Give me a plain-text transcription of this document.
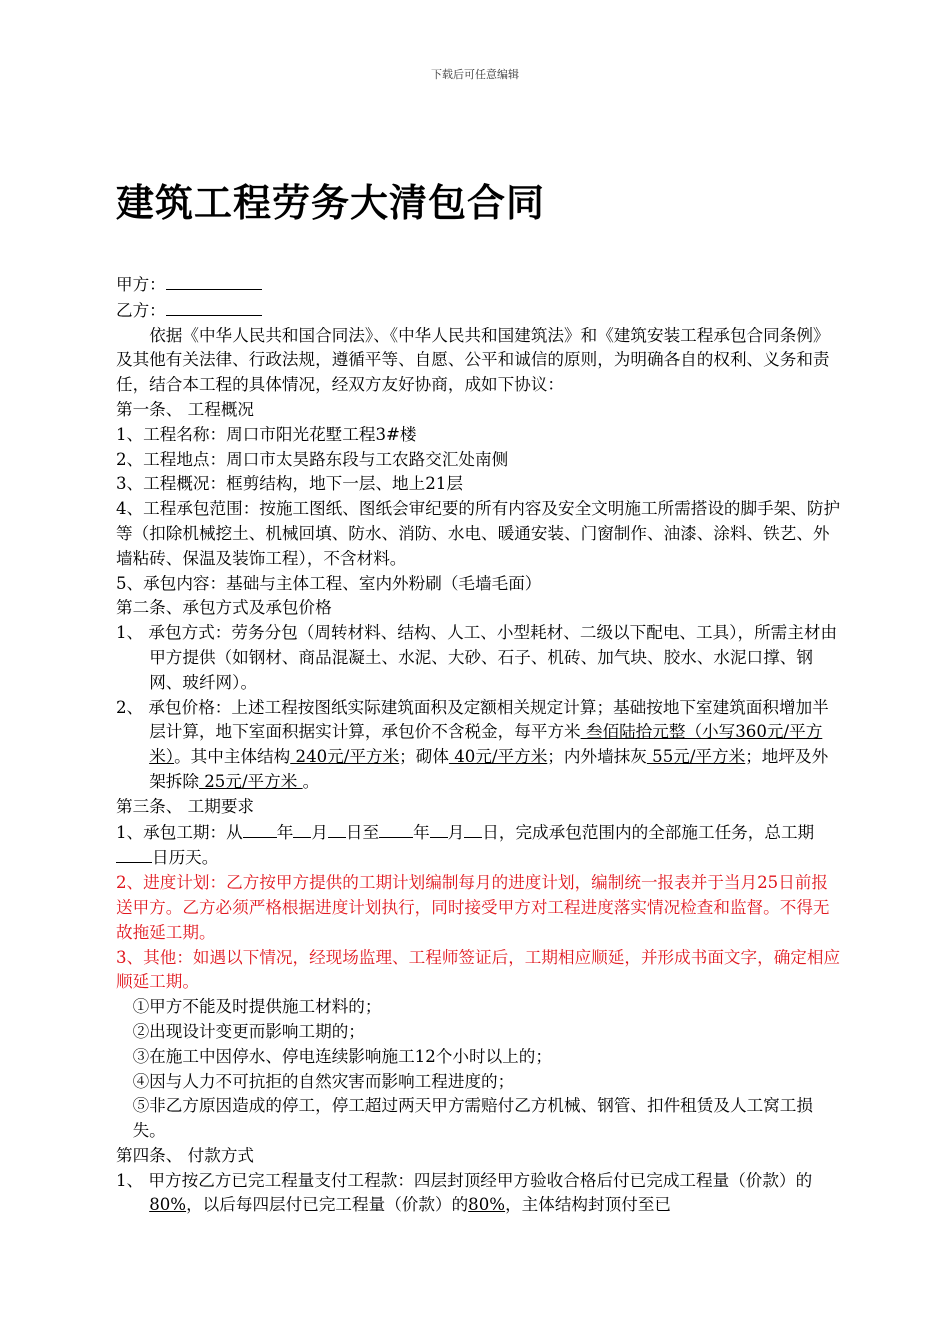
下载后可任意编辑
建筑工程劳务大清包合同

甲方：

乙方：

依据《中华人民共和国合同法》、《中华人民共和国建筑法》和《建筑安装工程承包合同条例》及其他有关法律、行政法规，遵循平等、自愿、公平和诚信的原则，为明确各自的权利、义务和责任，结合本工程的具体情况，经双方友好协商，成如下协议：

第一条、 工程概况

1、工程名称：周口市阳光花墅工程3#楼

2、工程地点：周口市太昊路东段与工农路交汇处南侧

3、工程概况：框剪结构，地下一层、地上21层

4、工程承包范围：按施工图纸、图纸会审纪要的所有内容及安全文明施工所需搭设的脚手架、防护等（扣除机械挖土、机械回填、防水、消防、水电、暖通安装、门窗制作、油漆、涂料、铁艺、外墙粘砖、保温及装饰工程），不含材料。

5、承包内容：基础与主体工程、室内外粉刷（毛墙毛面）

第二条、承包方式及承包价格

1、 承包方式：劳务分包（周转材料、结构、人工、小型耗材、二级以下配电、工具），所需主材由甲方提供（如钢材、商品混凝土、水泥、大砂、石子、机砖、加气块、胶水、水泥口撑、钢网、玻纤网）。

2、 承包价格：上述工程按图纸实际建筑面积及定额相关规定计算；基础按地下室建筑面积增加半层计算，地下室面积据实计算，承包价不含税金，每平方米 叁佰陆拾元整（小写360元/平方米）。其中主体结构 240元/平方米；砌体 40元/平方米；内外墙抹灰 55元/平方米；地坪及外架拆除 25元/平方米 。

第三条、 工期要求

1、承包工期：从 年 月 日至 年 月 日，完成承包范围内的全部施工任务，总工期日历天。

2、进度计划：乙方按甲方提供的工期计划编制每月的进度计划，编制统一报表并于当月25日前报送甲方。乙方必须严格根据进度计划执行，同时接受甲方对工程进度落实情况检查和监督。不得无故拖延工期。

3、其他：如遇以下情况，经现场监理、工程师签证后，工期相应顺延，并形成书面文字，确定相应顺延工期。

①甲方不能及时提供施工材料的；

②出现设计变更而影响工期的；

③在施工中因停水、停电连续影响施工12个小时以上的；

④因与人力不可抗拒的自然灾害而影响工程进度的；

⑤非乙方原因造成的停工，停工超过两天甲方需赔付乙方机械、钢管、扣件租赁及人工窝工损失。

第四条、 付款方式

1、 甲方按乙方已完工程量支付工程款：四层封顶经甲方验收合格后付已完成工程量（价款）的80%，以后每四层付已完工程量（价款）的80%，主体结构封顶付至已
